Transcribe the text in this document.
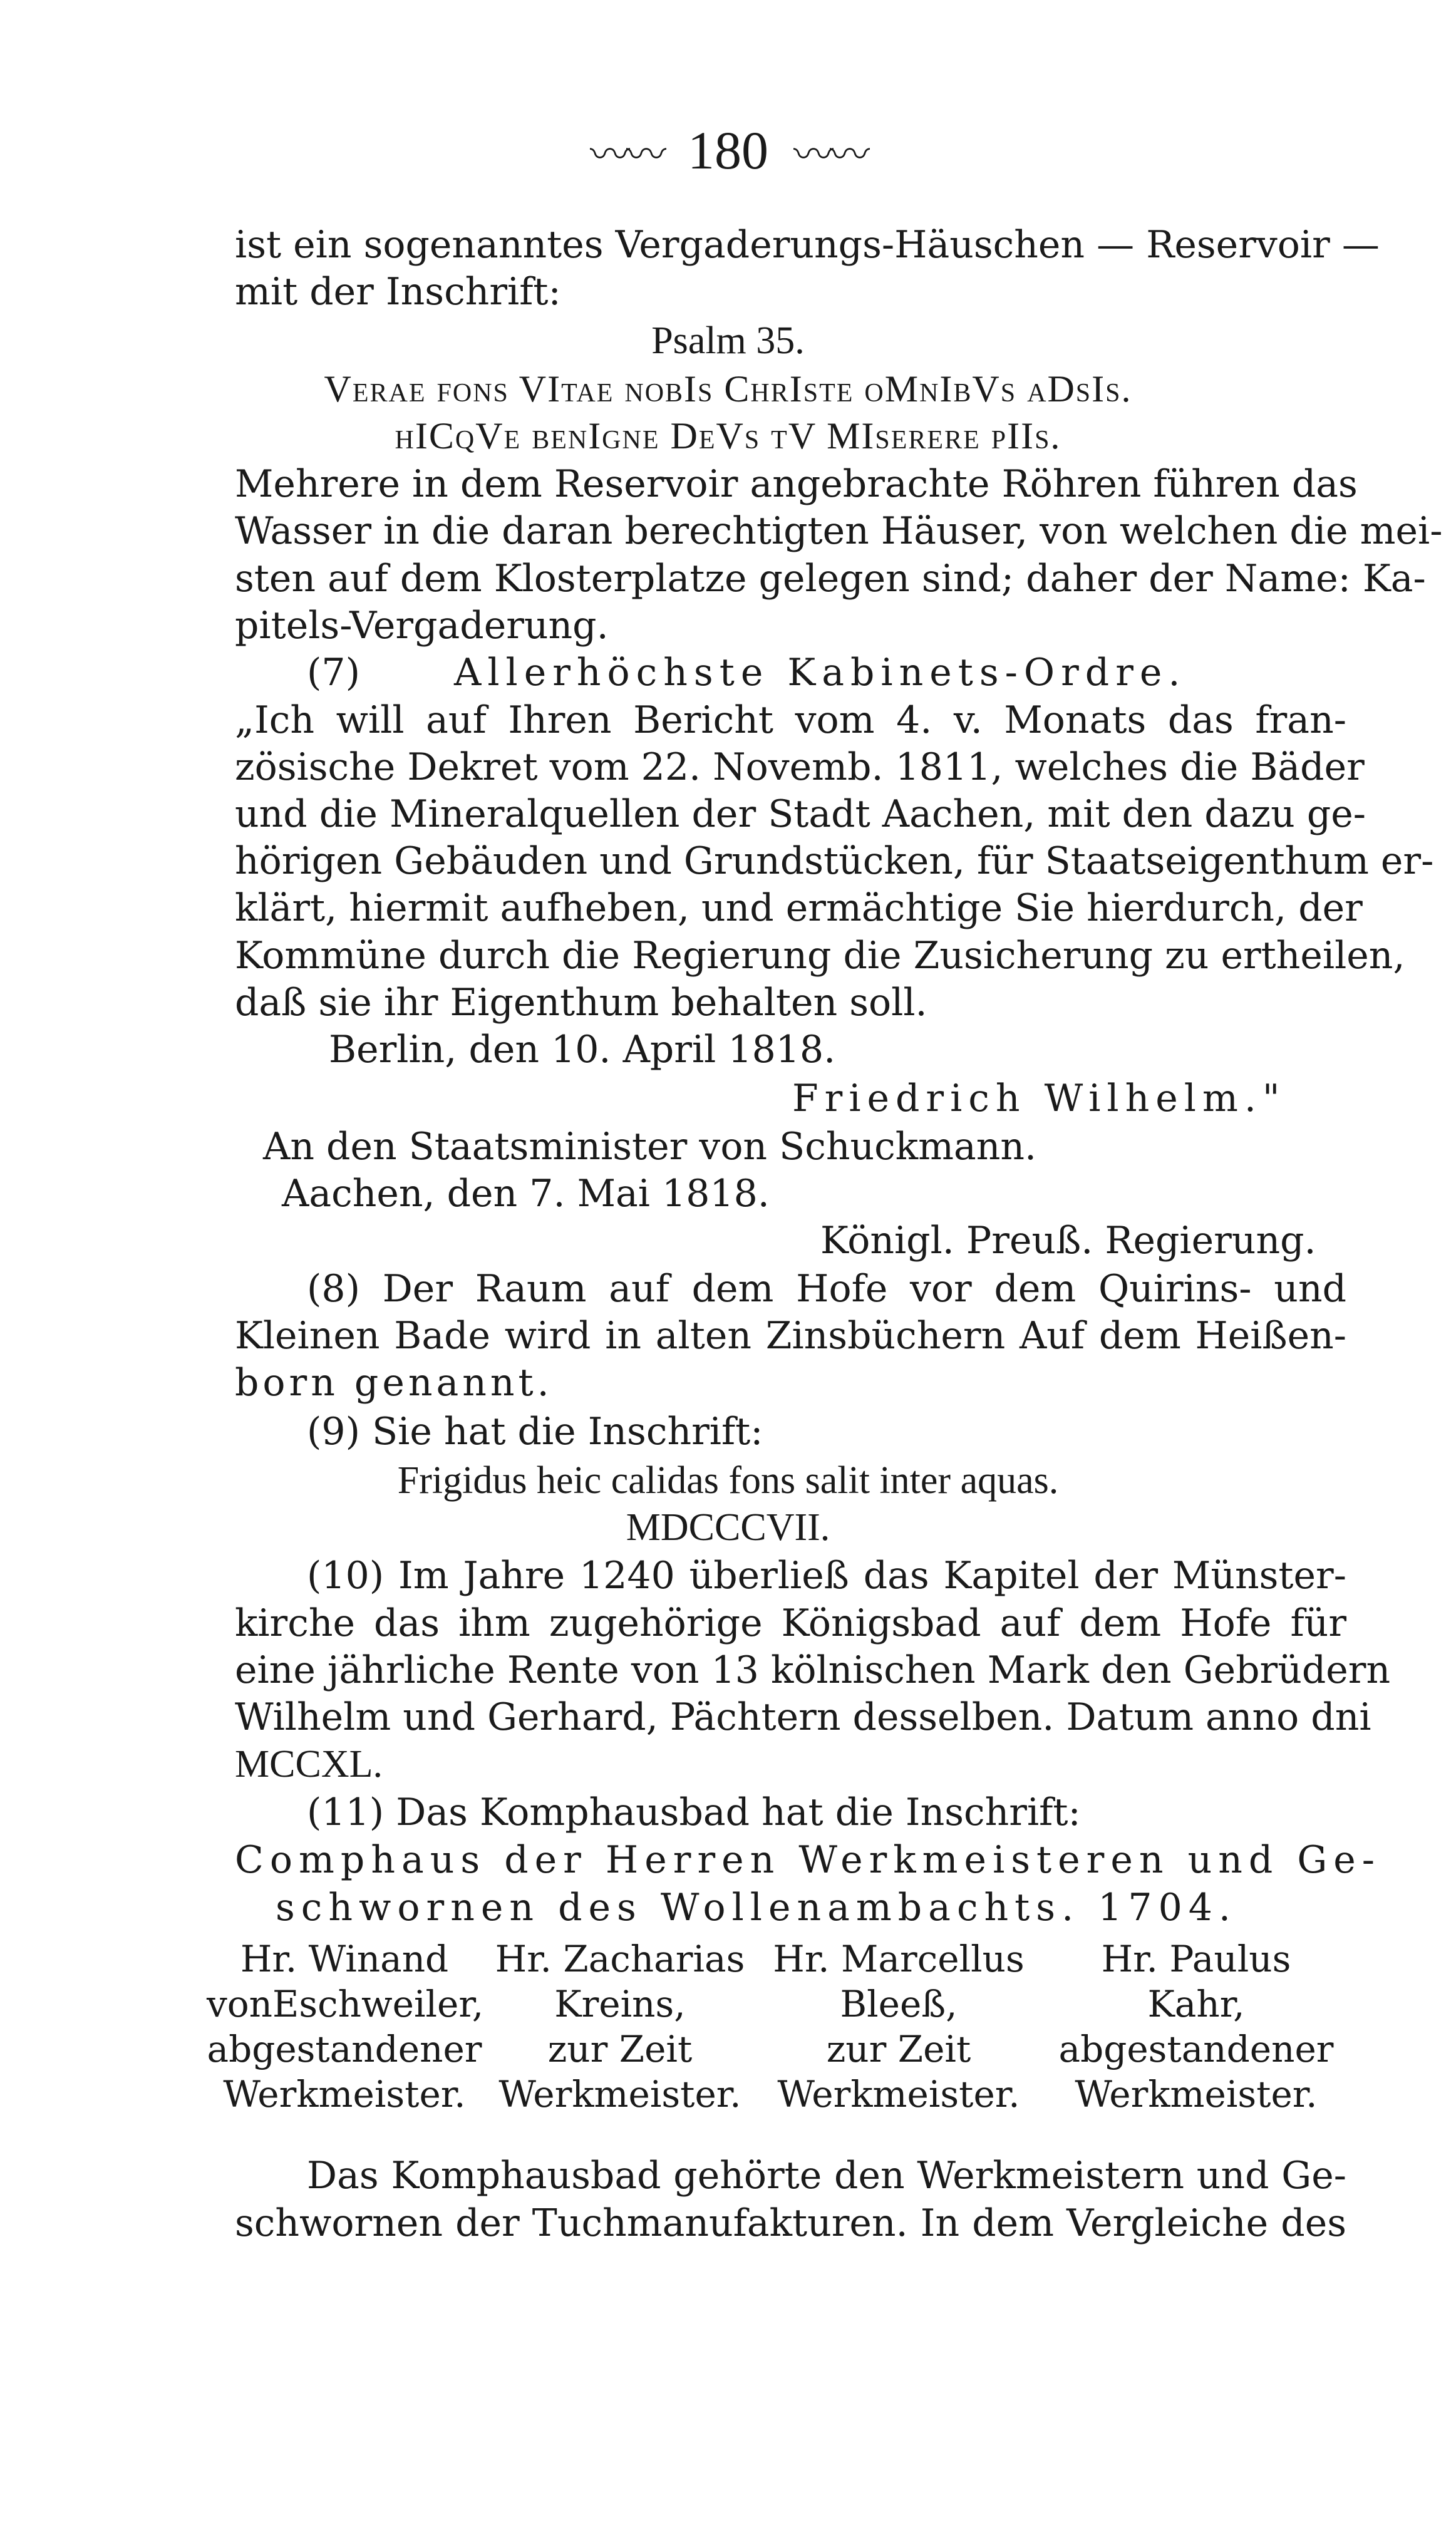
〰〰 180 〰〰
ist ein sogenanntes Vergaderungs-Häuschen — Reservoir —
mit der Inschrift:
Psalm 35.
Verae fons VItae nobIs ChrIste oMnIbVs aDsIs.
hICqVe benIgne DeVs tV MIserere pIIs.
Mehrere in dem Reservoir angebrachte Röhren führen das
Wasser in die daran berechtigten Häuser, von welchen die mei-
sten auf dem Klosterplatze gelegen sind; daher der Name: Ka-
pitels-Vergaderung.
(7)	Allerhöchste Kabinets-Ordre.
„Ich will auf Ihren Bericht vom 4. v. Monats das fran-
zösische Dekret vom 22. Novemb. 1811, welches die Bäder
und die Mineralquellen der Stadt Aachen, mit den dazu ge-
hörigen Gebäuden und Grundstücken, für Staatseigenthum er-
klärt, hiermit aufheben, und ermächtige Sie hierdurch, der
Kommüne durch die Regierung die Zusicherung zu ertheilen,
daß sie ihr Eigenthum behalten soll.
Berlin, den 10. April 1818.
Friedrich Wilhelm."
An den Staatsminister von Schuckmann.
Aachen, den 7. Mai 1818.
Königl. Preuß. Regierung.
(8) Der Raum auf dem Hofe vor dem Quirins- und
Kleinen Bade wird in alten Zinsbüchern Auf dem Heißen-
born genannt.
(9) Sie hat die Inschrift:
Frigidus heic calidas fons salit inter aquas.
MDCCCVII.
(10) Im Jahre 1240 überließ das Kapitel der Münster-
kirche das ihm zugehörige Königsbad auf dem Hofe für
eine jährliche Rente von 13 kölnischen Mark den Gebrüdern
Wilhelm und Gerhard, Pächtern desselben. Datum anno dni
MCCXL.
(11) Das Komphausbad hat die Inschrift:
Comphaus der Herren Werkmeisteren und Ge-
schwornen des Wollenambachts. 1704.
Hr. Winand
vonEschweiler,
abgestandener
Werkmeister.
Hr. Zacharias
Kreins,
zur Zeit
Werkmeister.
Hr. Marcellus
Bleeß,
zur Zeit
Werkmeister.
Hr. Paulus
Kahr,
abgestandener
Werkmeister.
Das Komphausbad gehörte den Werkmeistern und Ge-
schwornen der Tuchmanufakturen. In dem Vergleiche des
